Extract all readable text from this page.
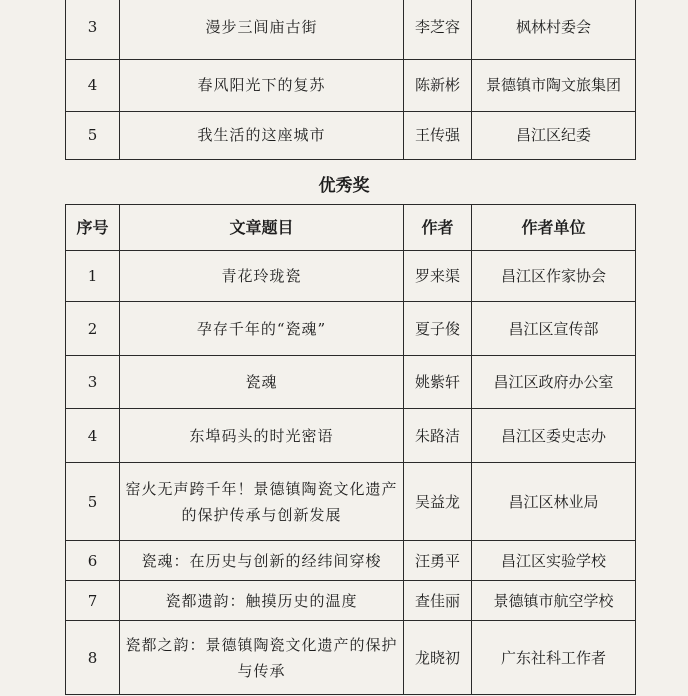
3	漫步三闾庙古街	李芝容	枫林村委会
4	春风阳光下的复苏	陈新彬	景德镇市陶文旅集团
5	我生活的这座城市	王传强	昌江区纪委
优秀奖
序号	文章题目	作者	作者单位
1	青花玲珑瓷	罗来渠	昌江区作家协会
2	孕存千年的“瓷魂”	夏子俊	昌江区宣传部
3	瓷魂	姚紫轩	昌江区政府办公室
4	东埠码头的时光密语	朱路洁	昌江区委史志办
5	窑火无声跨千年！景德镇陶瓷文化遗产的保护传承与创新发展	吴益龙	昌江区林业局
6	瓷魂：在历史与创新的经纬间穿梭	汪勇平	昌江区实验学校
7	瓷都遗韵：触摸历史的温度	查佳丽	景德镇市航空学校
8	瓷都之韵：景德镇陶瓷文化遗产的保护与传承	龙晓初	广东社科工作者
